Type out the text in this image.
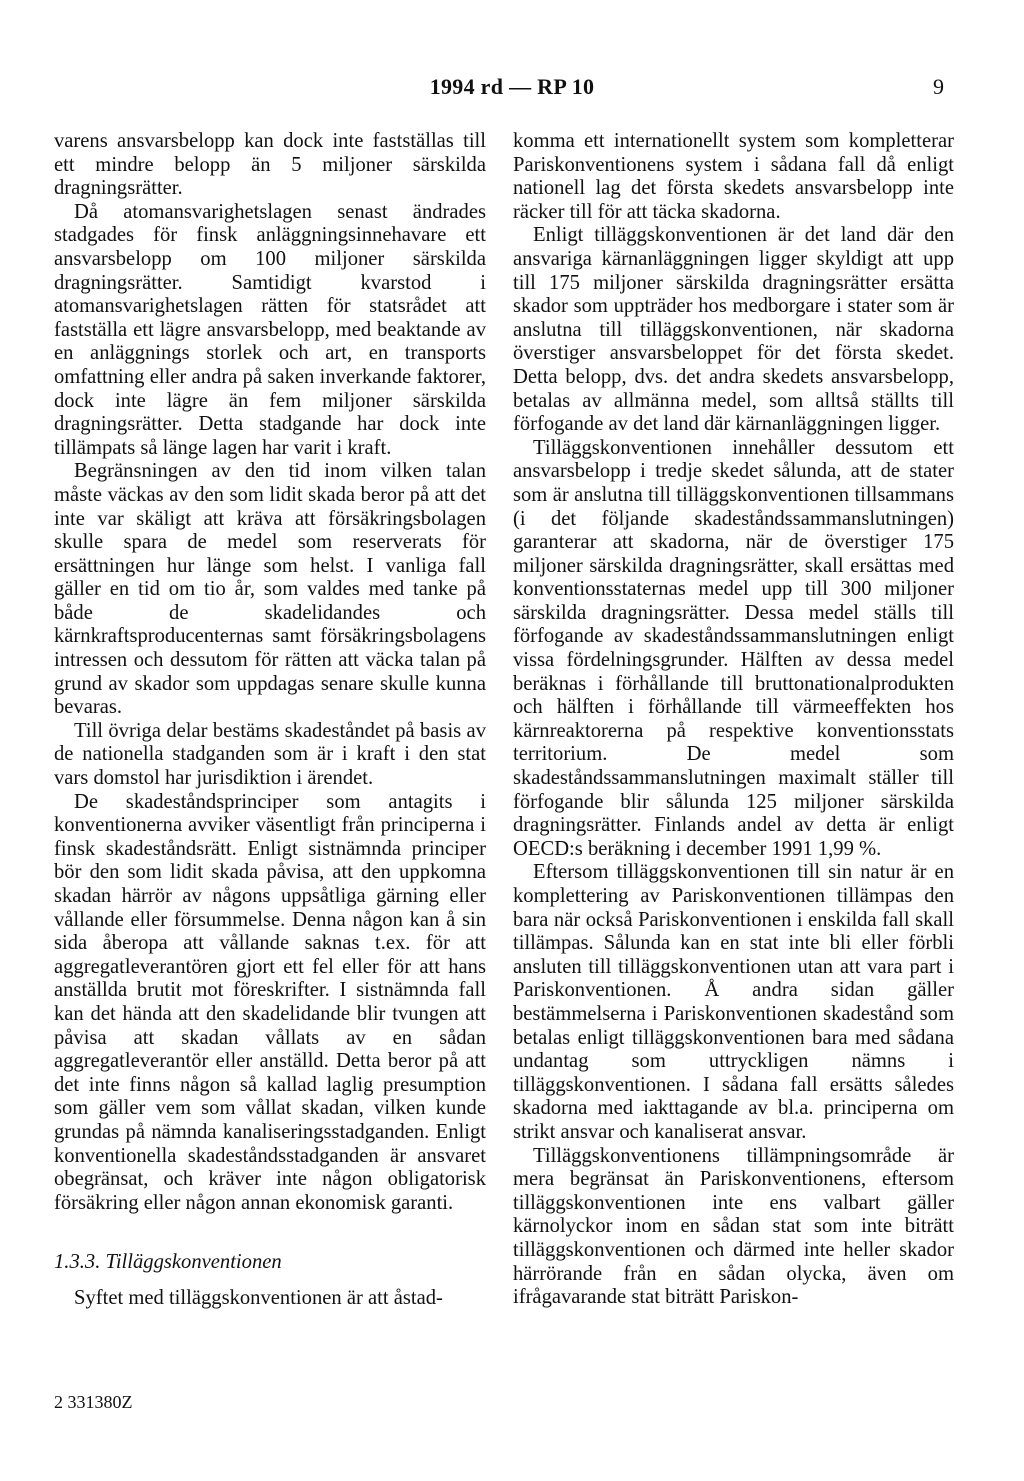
1994 rd — RP 10	9

varens ansvarsbelopp kan dock inte fastställas till ett mindre belopp än 5 miljoner särskilda dragningsrätter.

Då atomansvarighetslagen senast ändrades stadgades för finsk anläggningsinnehavare ett ansvarsbelopp om 100 miljoner särskilda dragningsrätter. Samtidigt kvarstod i atomansvarighetslagen rätten för statsrådet att fastställa ett lägre ansvarsbelopp, med beaktande av en anläggnings storlek och art, en transports omfattning eller andra på saken inverkande faktorer, dock inte lägre än fem miljoner särskilda dragningsrätter. Detta stadgande har dock inte tillämpats så länge lagen har varit i kraft.

Begränsningen av den tid inom vilken talan måste väckas av den som lidit skada beror på att det inte var skäligt att kräva att försäkringsbolagen skulle spara de medel som reserverats för ersättningen hur länge som helst. I vanliga fall gäller en tid om tio år, som valdes med tanke på både de skadelidandes och kärnkraftsproducenternas samt försäkringsbolagens intressen och dessutom för rätten att väcka talan på grund av skador som uppdagas senare skulle kunna bevaras.

Till övriga delar bestäms skadeståndet på basis av de nationella stadganden som är i kraft i den stat vars domstol har jurisdiktion i ärendet.

De skadeståndsprinciper som antagits i konventionerna avviker väsentligt från principerna i finsk skadeståndsrätt. Enligt sistnämnda principer bör den som lidit skada påvisa, att den uppkomna skadan härrör av någons uppsåtliga gärning eller vållande eller försummelse. Denna någon kan å sin sida åberopa att vållande saknas t.ex. för att aggregatleverantören gjort ett fel eller för att hans anställda brutit mot föreskrifter. I sistnämnda fall kan det hända att den skadelidande blir tvungen att påvisa att skadan vållats av en sådan aggregatleverantör eller anställd. Detta beror på att det inte finns någon så kallad laglig presumption som gäller vem som vållat skadan, vilken kunde grundas på nämnda kanaliseringsstadganden. Enligt konventionella skadeståndsstadganden är ansvaret obegränsat, och kräver inte någon obligatorisk försäkring eller någon annan ekonomisk garanti.

1.3.3. Tilläggskonventionen

Syftet med tilläggskonventionen är att åstad-

komma ett internationellt system som kompletterar Pariskonventionens system i sådana fall då enligt nationell lag det första skedets ansvarsbelopp inte räcker till för att täcka skadorna.

Enligt tilläggskonventionen är det land där den ansvariga kärnanläggningen ligger skyldigt att upp till 175 miljoner särskilda dragningsrätter ersätta skador som uppträder hos medborgare i stater som är anslutna till tilläggskonventionen, när skadorna överstiger ansvarsbeloppet för det första skedet. Detta belopp, dvs. det andra skedets ansvarsbelopp, betalas av allmänna medel, som alltså ställts till förfogande av det land där kärnanläggningen ligger.

Tilläggskonventionen innehåller dessutom ett ansvarsbelopp i tredje skedet sålunda, att de stater som är anslutna till tilläggskonventionen tillsammans (i det följande skadeståndssammanslutningen) garanterar att skadorna, när de överstiger 175 miljoner särskilda dragningsrätter, skall ersättas med konventionsstaternas medel upp till 300 miljoner särskilda dragningsrätter. Dessa medel ställs till förfogande av skadeståndssammanslutningen enligt vissa fördelningsgrunder. Hälften av dessa medel beräknas i förhållande till bruttonationalprodukten och hälften i förhållande till värmeeffekten hos kärnreaktorerna på respektive konventionsstats territorium. De medel som skadeståndssammanslutningen maximalt ställer till förfogande blir sålunda 125 miljoner särskilda dragningsrätter. Finlands andel av detta är enligt OECD:s beräkning i december 1991 1,99 %.

Eftersom tilläggskonventionen till sin natur är en komplettering av Pariskonventionen tillämpas den bara när också Pariskonventionen i enskilda fall skall tillämpas. Sålunda kan en stat inte bli eller förbli ansluten till tilläggskonventionen utan att vara part i Pariskonventionen. Å andra sidan gäller bestämmelserna i Pariskonventionen skadestånd som betalas enligt tilläggskonventionen bara med sådana undantag som uttryckligen nämns i tilläggskonventionen. I sådana fall ersätts således skadorna med iakttagande av bl.a. principerna om strikt ansvar och kanaliserat ansvar.

Tilläggskonventionens tillämpningsområde är mera begränsat än Pariskonventionens, eftersom tilläggskonventionen inte ens valbart gäller kärnolyckor inom en sådan stat som inte biträtt tilläggskonventionen och därmed inte heller skador härrörande från en sådan olycka, även om ifrågavarande stat biträtt Pariskon-

2 331380Z
